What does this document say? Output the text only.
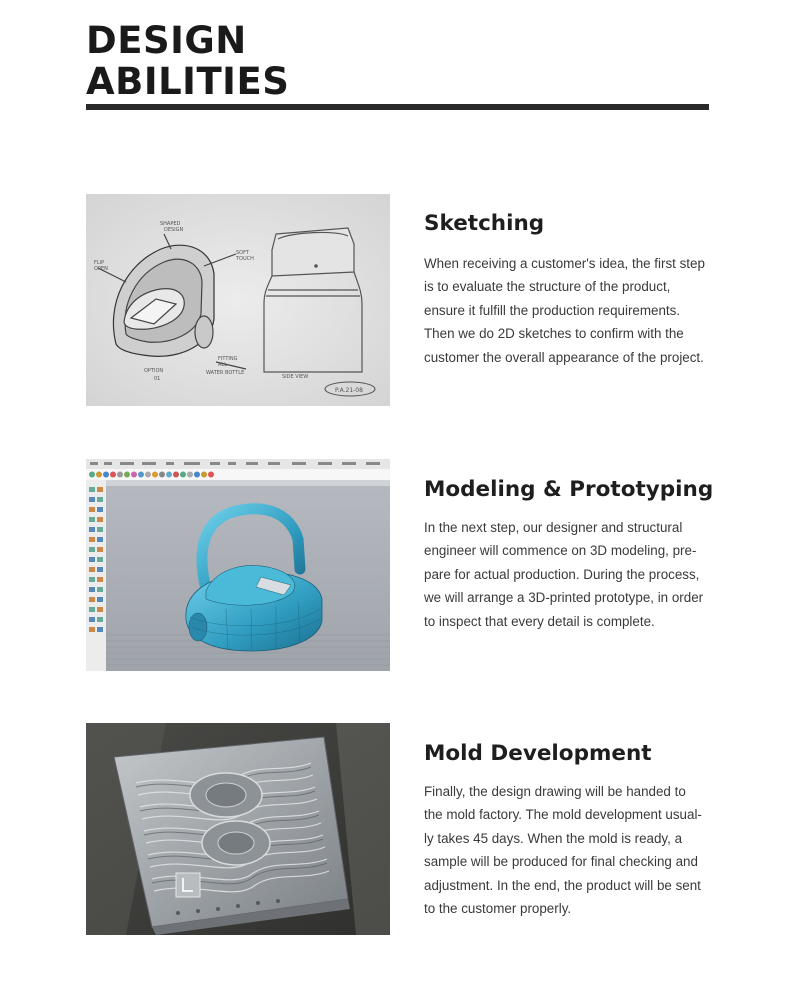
DESIGN
ABILITIES
SHAPED
DESIGN
FLIP
OPEN
SOFT
TOUCH
OPTION
01
FITTING
ALL
WATER BOTTLE
SIDE VIEW
P.A.21-08
Sketching
When receiving a customer's idea, the first step
is to evaluate the structure of the product,
ensure it fulfill the production requirements.
Then we do 2D sketches to confirm with the
customer the overall appearance of the project.
Modeling & Prototyping
In the next step, our designer and structural
engineer will commence on 3D modeling, pre-
pare for actual production. During the process,
we will arrange a 3D-printed prototype, in order
to inspect that every detail is complete.
Mold Development
Finally, the design drawing will be handed to
the mold factory. The mold development usual-
ly takes 45 days. When the mold is ready, a
sample will be produced for final checking and
adjustment. In the end, the product will be sent
to the customer properly.
